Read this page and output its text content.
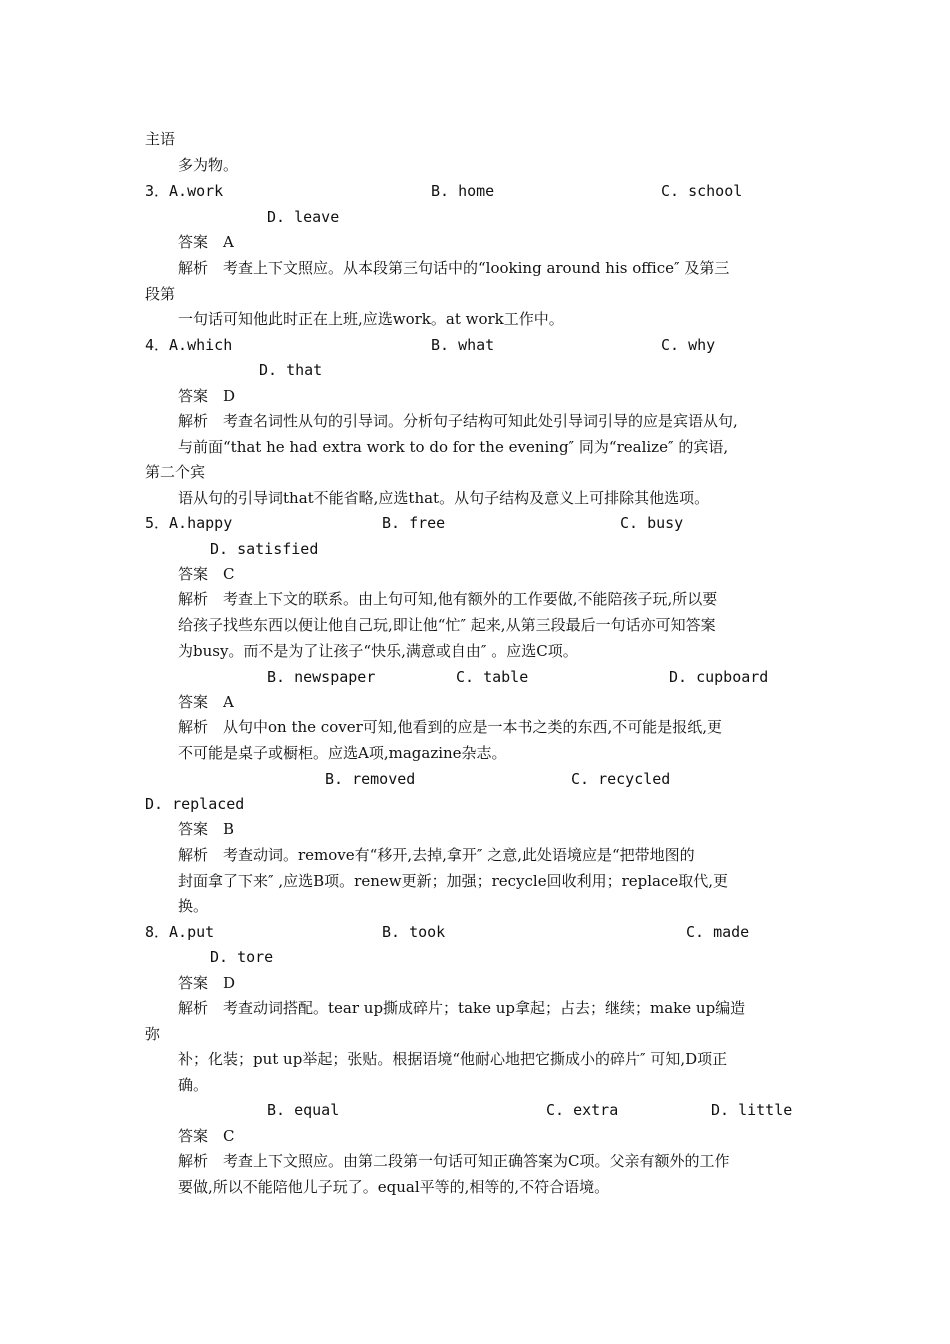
主语
多为物。
3．A.work	B. home	C. school
D. leave
答案　A
解析　考查上下文照应。从本段第三句话中的“looking around his office″ 及第三
段第
一句话可知他此时正在上班,应选work。at work工作中。
4．A.which	B. what	C. why
D. that
答案　D
解析　考查名词性从句的引导词。分析句子结构可知此处引导词引导的应是宾语从句,
与前面“that he had extra work to do for the evening″ 同为“realize″ 的宾语,
第二个宾
语从句的引导词that不能省略,应选that。从句子结构及意义上可排除其他选项。
5．A.happy	B. free	C. busy
D. satisfied
答案　C
解析　考查上下文的联系。由上句可知,他有额外的工作要做,不能陪孩子玩,所以要
给孩子找些东西以便让他自己玩,即让他“忙″ 起来,从第三段最后一句话亦可知答案
为busy。而不是为了让孩子“快乐,满意或自由″ 。应选C项。
B. newspaper	C. table	D. cupboard
答案　A
解析　从句中on the cover可知,他看到的应是一本书之类的东西,不可能是报纸,更
不可能是桌子或橱柜。应选A项,magazine杂志。
B. removed	C. recycled
D. replaced
答案　B
解析　考查动词。remove有“移开,去掉,拿开″ 之意,此处语境应是“把带地图的
封面拿了下来″ ,应选B项。renew更新；加强；recycle回收利用；replace取代,更
换。
8．A.put	B. took	C. made
D. tore
答案　D
解析　考查动词搭配。tear up撕成碎片；take up拿起；占去；继续；make up编造
弥
补；化装；put up举起；张贴。根据语境“他耐心地把它撕成小的碎片″ 可知,D项正
确。
B. equal	C. extra	D. little
答案　C
解析　考查上下文照应。由第二段第一句话可知正确答案为C项。父亲有额外的工作
要做,所以不能陪他儿子玩了。equal平等的,相等的,不符合语境。
